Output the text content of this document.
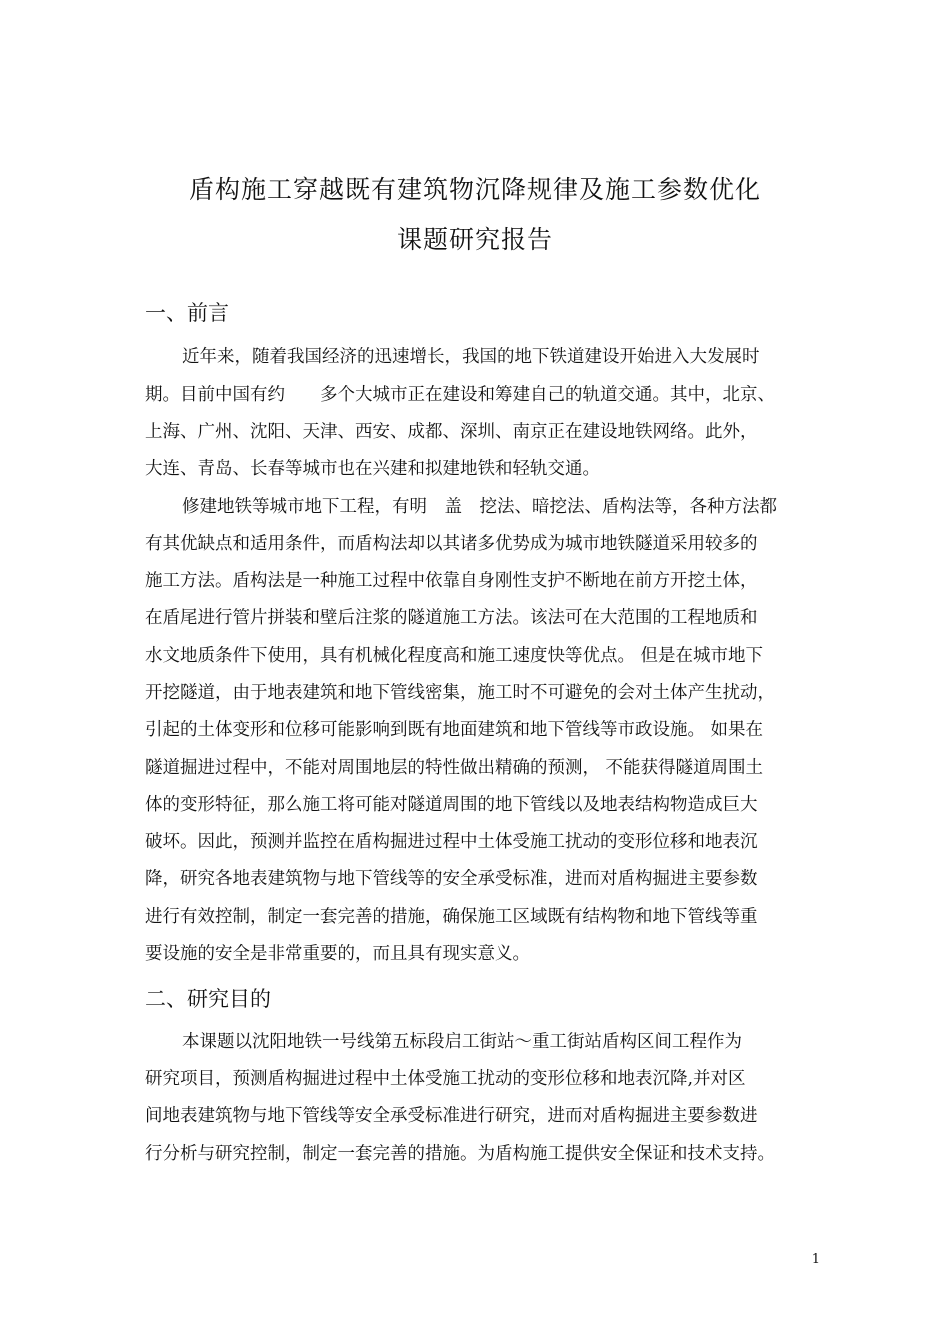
盾构施工穿越既有建筑物沉降规律及施工参数优化
课题研究报告
一、前言
近年来，随着我国经济的迅速增长，我国的地下铁道建设开始进入大发展时
期。目前中国有约　　多个大城市正在建设和筹建自己的轨道交通。其中，北京、
上海、广州、沈阳、天津、西安、成都、深圳、南京正在建设地铁网络。此外，
大连、青岛、长春等城市也在兴建和拟建地铁和轻轨交通。
修建地铁等城市地下工程，有明　盖　挖法、暗挖法、盾构法等，各种方法都
有其优缺点和适用条件，而盾构法却以其诸多优势成为城市地铁隧道采用较多的
施工方法。盾构法是一种施工过程中依靠自身刚性支护不断地在前方开挖土体，
在盾尾进行管片拼装和壁后注浆的隧道施工方法。该法可在大范围的工程地质和
水文地质条件下使用，具有机械化程度高和施工速度快等优点。 但是在城市地下
开挖隧道，由于地表建筑和地下管线密集，施工时不可避免的会对土体产生扰动，
引起的土体变形和位移可能影响到既有地面建筑和地下管线等市政设施。 如果在
隧道掘进过程中，不能对周围地层的特性做出精确的预测， 不能获得隧道周围土
体的变形特征，那么施工将可能对隧道周围的地下管线以及地表结构物造成巨大
破坏。因此，预测并监控在盾构掘进过程中土体受施工扰动的变形位移和地表沉
降，研究各地表建筑物与地下管线等的安全承受标准，进而对盾构掘进主要参数
进行有效控制，制定一套完善的措施，确保施工区域既有结构物和地下管线等重
要设施的安全是非常重要的，而且具有现实意义。
二、研究目的
本课题以沈阳地铁一号线第五标段启工街站～重工街站盾构区间工程作为
研究项目，预测盾构掘进过程中土体受施工扰动的变形位移和地表沉降,并对区
间地表建筑物与地下管线等安全承受标准进行研究，进而对盾构掘进主要参数进
行分析与研究控制，制定一套完善的措施。为盾构施工提供安全保证和技术支持。
1
